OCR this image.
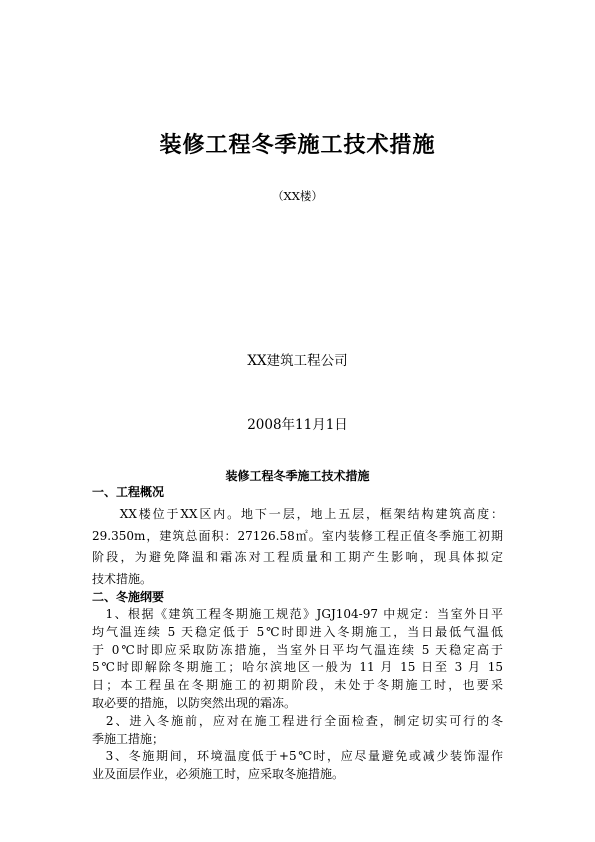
装修工程冬季施工技术措施
（XX楼）
XX建筑工程公司
2008年11月1日
装修工程冬季施工技术措施
一、工程概况
　　XX楼位于XX区内。地下一层，地上五层，框架结构建筑高度：
29.350m，建筑总面积：27126.58㎡。室内装修工程正值冬季施工初期
阶段，为避免降温和霜冻对工程质量和工期产生影响，现具体拟定
技术措施。
二、冬施纲要
　1、根据《建筑工程冬期施工规范》JGJ104-97 中规定：当室外日平
均气温连续 5 天稳定低于 5℃时即进入冬期施工，当日最低气温低
于 0℃时即应采取防冻措施，当室外日平均气温连续 5 天稳定高于
5℃时即解除冬期施工；哈尔滨地区一般为 11 月 15 日至 3 月 15
日；本工程虽在冬期施工的初期阶段，未处于冬期施工时，也要采
取必要的措施，以防突然出现的霜冻。
　2、进入冬施前，应对在施工程进行全面检查，制定切实可行的冬
季施工措施；
　3、冬施期间，环境温度低于+5℃时，应尽量避免或减少装饰湿作
业及面层作业，必须施工时，应采取冬施措施。
